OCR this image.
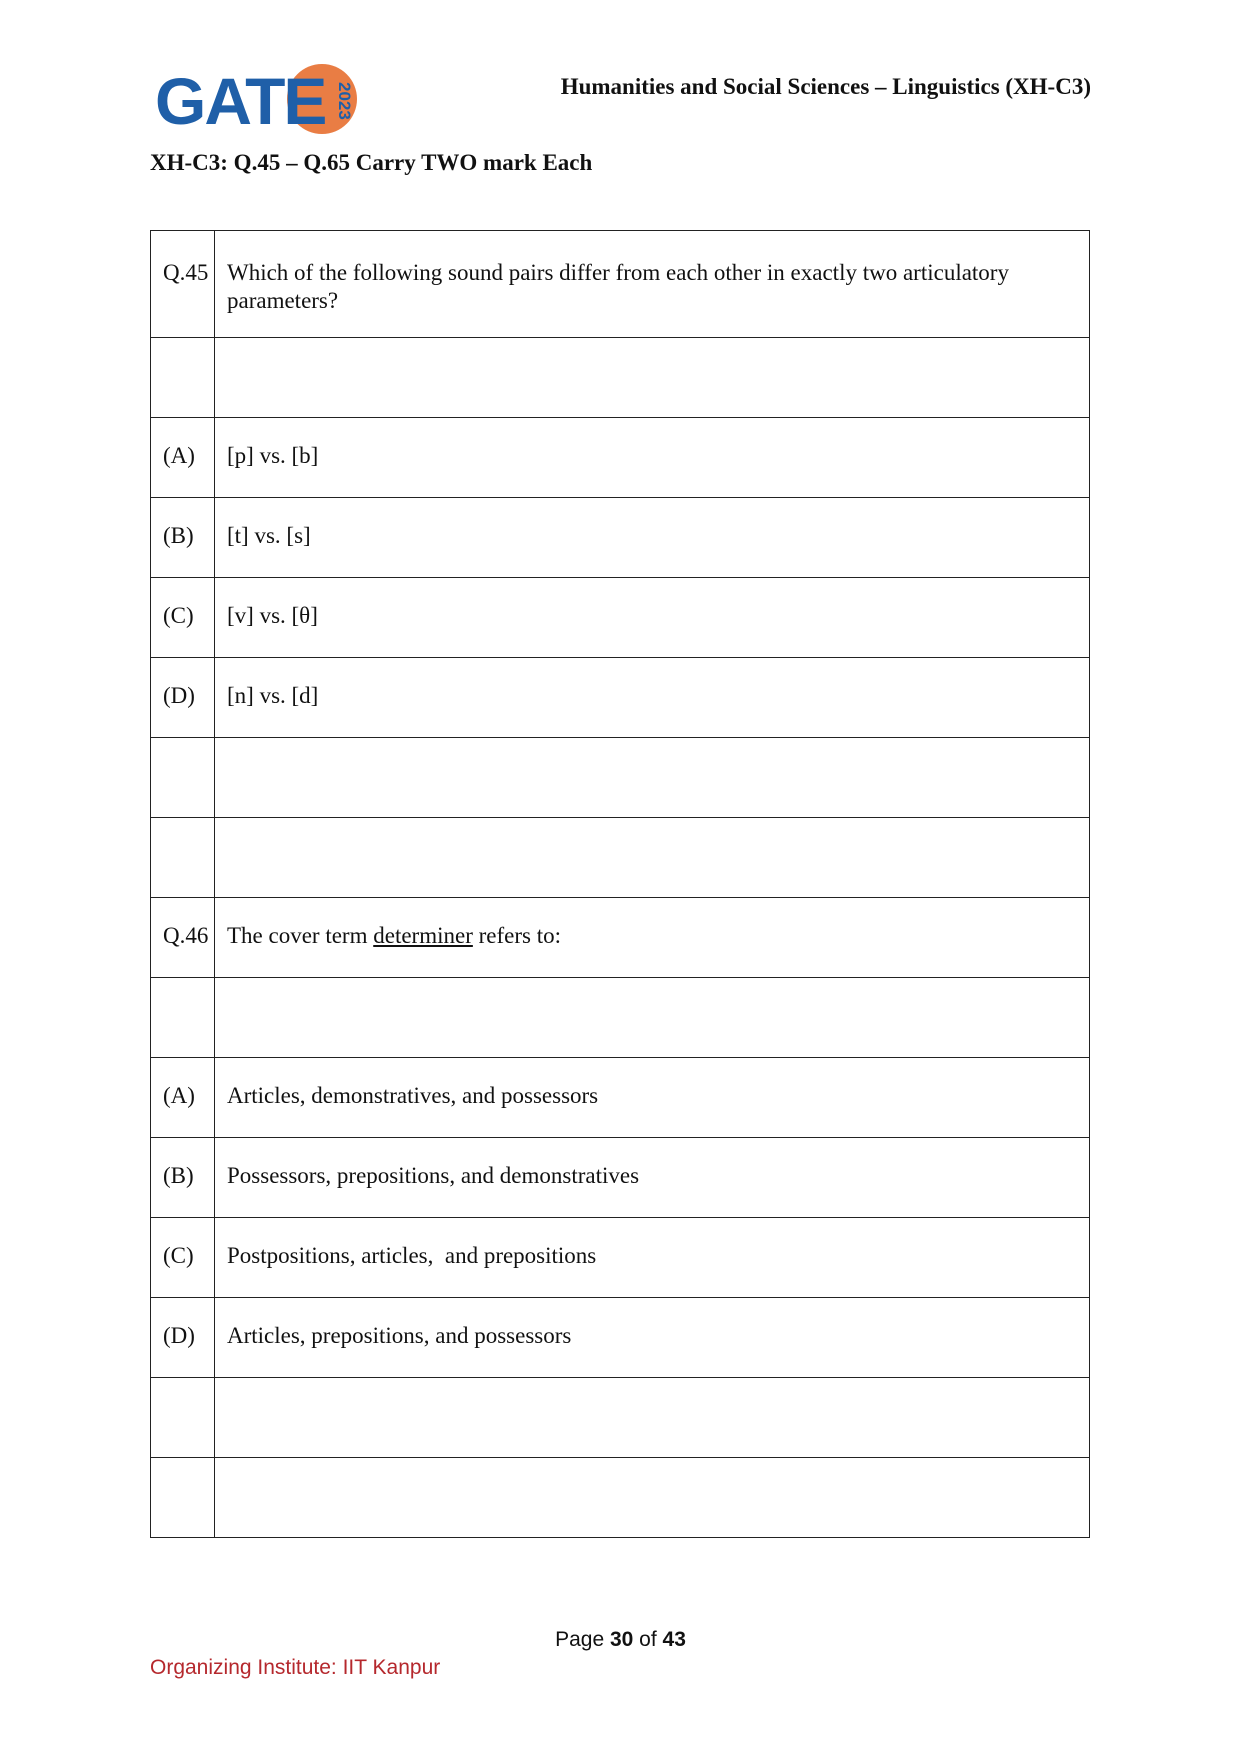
GATE 2023	Humanities and Social Sciences – Linguistics (XH-C3)
XH-C3: Q.45 – Q.65 Carry TWO mark Each
Q.45	Which of the following sound pairs differ from each other in exactly two articulatory parameters?

(A)	[p] vs. [b]
(B)	[t] vs. [s]
(C)	[v] vs. [θ]
(D)	[n] vs. [d]

Q.46	The cover term determiner refers to:

(A)	Articles, demonstratives, and possessors
(B)	Possessors, prepositions, and demonstratives
(C)	Postpositions, articles,  and prepositions
(D)	Articles, prepositions, and possessors

Page 30 of 43
Organizing Institute: IIT Kanpur
